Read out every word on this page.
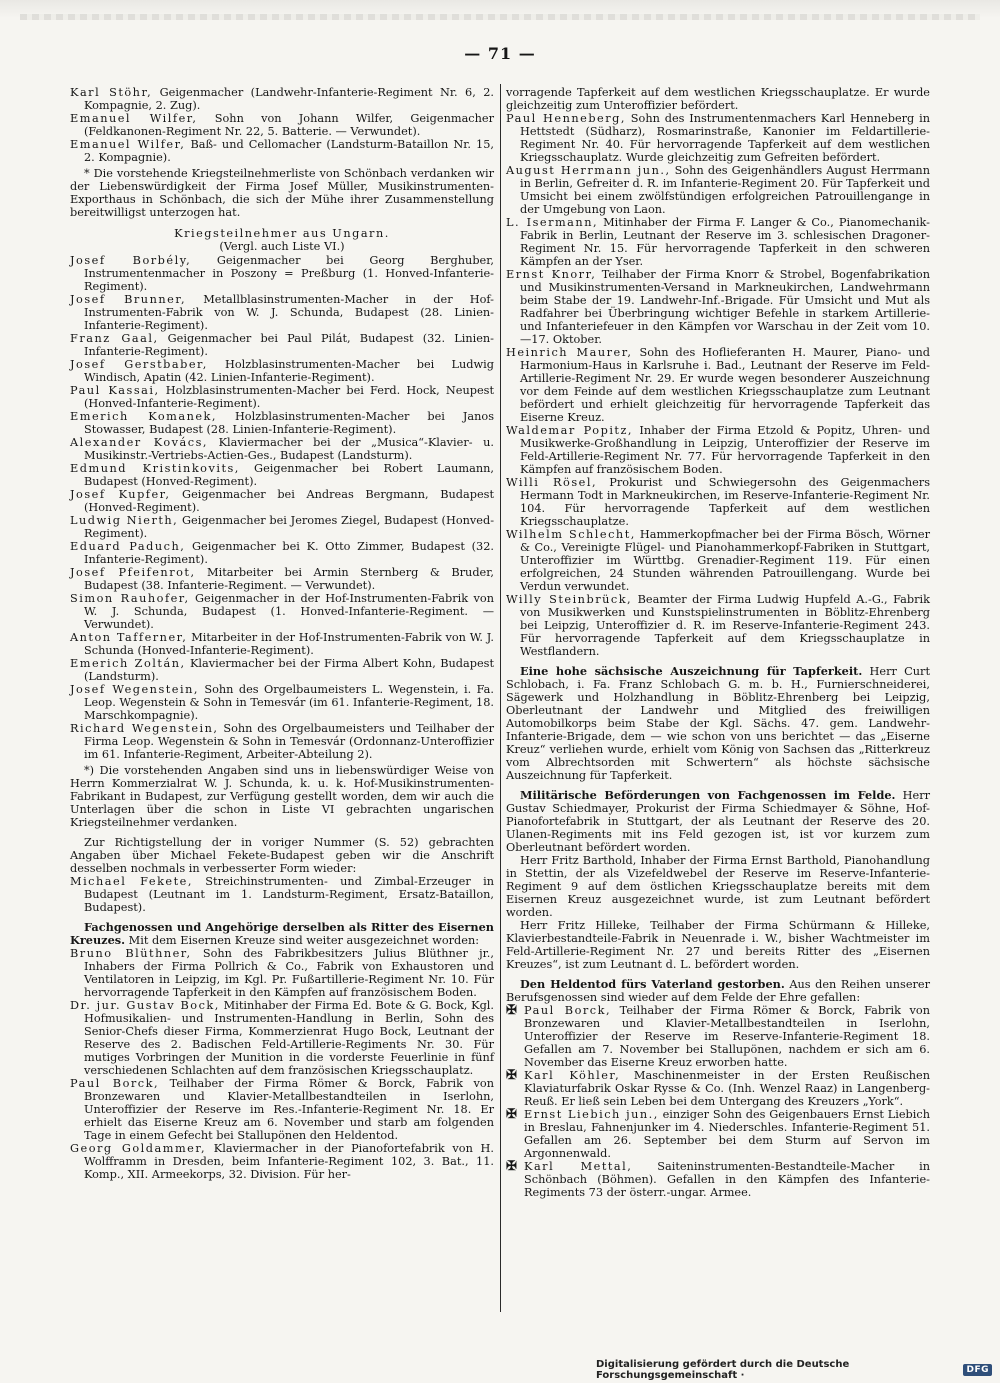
— 71 —

Karl Stöhr, Geigenmacher (Landwehr-Infanterie-Regiment Nr. 6, 2. Kompagnie, 2. Zug).

Emanuel Wilfer, Sohn von Johann Wilfer, Geigenmacher (Feldkanonen-Regiment Nr. 22, 5. Batterie. — Verwundet).

Emanuel Wilfer, Baß- und Cellomacher (Landsturm-Bataillon Nr. 15, 2. Kompagnie).

* Die vorstehende Kriegsteilnehmerliste von Schönbach verdanken wir der Liebenswürdigkeit der Firma Josef Müller, Musikinstrumenten-Exporthaus in Schönbach, die sich der Mühe ihrer Zusammenstellung bereitwilligst unterzogen hat.

Kriegsteilnehmer aus Ungarn.

(Vergl. auch Liste VI.)

Josef Borbély, Geigenmacher bei Georg Berghuber, Instrumentenmacher in Poszony = Preßburg (1. Honved-Infanterie-Regiment).

Josef Brunner, Metallblasinstrumenten-Macher in der Hof-Instrumenten-Fabrik von W. J. Schunda, Budapest (28. Linien-Infanterie-Regiment).

Franz Gaal, Geigenmacher bei Paul Pilát, Budapest (32. Linien-Infanterie-Regiment).

Josef Gerstbaber, Holzblasinstrumenten-Macher bei Ludwig Windisch, Apatin (42. Linien-Infanterie-Regiment).

Paul Kassai, Holzblasinstrumenten-Macher bei Ferd. Hock, Neupest (Honved-Infanterie-Regiment).

Emerich Komanek, Holzblasinstrumenten-Macher bei Janos Stowasser, Budapest (28. Linien-Infanterie-Regiment).

Alexander Kovács, Klaviermacher bei der „Musica“-Klavier- u. Musikinstr.-Vertriebs-Actien-Ges., Budapest (Landsturm).

Edmund Kristinkovits, Geigenmacher bei Robert Laumann, Budapest (Honved-Regiment).

Josef Kupfer, Geigenmacher bei Andreas Bergmann, Budapest (Honved-Regiment).

Ludwig Nierth, Geigenmacher bei Jeromes Ziegel, Budapest (Honved-Regiment).

Eduard Paduch, Geigenmacher bei K. Otto Zimmer, Budapest (32. Infanterie-Regiment).

Josef Pfeifenrot, Mitarbeiter bei Armin Sternberg & Bruder, Budapest (38. Infanterie-Regiment. — Verwundet).

Simon Rauhofer, Geigenmacher in der Hof-Instrumenten-Fabrik von W. J. Schunda, Budapest (1. Honved-Infanterie-Regiment. — Verwundet).

Anton Tafferner, Mitarbeiter in der Hof-Instrumenten-Fabrik von W. J. Schunda (Honved-Infanterie-Regiment).

Emerich Zoltán, Klaviermacher bei der Firma Albert Kohn, Budapest (Landsturm).

Josef Wegenstein, Sohn des Orgelbaumeisters L. Wegenstein, i. Fa. Leop. Wegenstein & Sohn in Temesvár (im 61. Infanterie-Regiment, 18. Marschkompagnie).

Richard Wegenstein, Sohn des Orgelbaumeisters und Teilhaber der Firma Leop. Wegenstein & Sohn in Temesvár (Ordonnanz-Unteroffizier im 61. Infanterie-Regiment, Arbeiter-Abteilung 2).

*) Die vorstehenden Angaben sind uns in liebenswürdiger Weise von Herrn Kommerzialrat W. J. Schunda, k. u. k. Hof-Musikinstrumenten-Fabrikant in Budapest, zur Verfügung gestellt worden, dem wir auch die Unterlagen über die schon in Liste VI gebrachten ungarischen Kriegsteilnehmer verdanken.

Zur Richtigstellung der in voriger Nummer (S. 52) gebrachten Angaben über Michael Fekete-Budapest geben wir die Anschrift desselben nochmals in verbesserter Form wieder:

Michael Fekete, Streichinstrumenten- und Zimbal-Erzeuger in Budapest (Leutnant im 1. Landsturm-Regiment, Ersatz-Bataillon, Budapest).

Fachgenossen und Angehörige derselben als Ritter des Eisernen Kreuzes. Mit dem Eisernen Kreuze sind weiter ausgezeichnet worden:

Bruno Blüthner, Sohn des Fabrikbesitzers Julius Blüthner jr., Inhabers der Firma Pollrich & Co., Fabrik von Exhaustoren und Ventilatoren in Leipzig, im Kgl. Pr. Fußartillerie-Regiment Nr. 10. Für hervorragende Tapferkeit in den Kämpfen auf französischem Boden.

Dr. jur. Gustav Bock, Mitinhaber der Firma Ed. Bote & G. Bock, Kgl. Hofmusikalien- und Instrumenten-Handlung in Berlin, Sohn des Senior-Chefs dieser Firma, Kommerzienrat Hugo Bock, Leutnant der Reserve des 2. Badischen Feld-Artillerie-Regiments Nr. 30. Für mutiges Vorbringen der Munition in die vorderste Feuerlinie in fünf verschiedenen Schlachten auf dem französischen Kriegsschauplatz.

Paul Borck, Teilhaber der Firma Römer & Borck, Fabrik von Bronzewaren und Klavier-Metallbestandteilen in Iserlohn, Unteroffizier der Reserve im Res.-Infanterie-Regiment Nr. 18. Er erhielt das Eiserne Kreuz am 6. November und starb am folgenden Tage in einem Gefecht bei Stallupönen den Heldentod.

Georg Goldammer, Klaviermacher in der Pianofortefabrik von H. Wolfframm in Dresden, beim Infanterie-Regiment 102, 3. Bat., 11. Komp., XII. Armeekorps, 32. Division. Für her-

vorragende Tapferkeit auf dem westlichen Kriegsschauplatze. Er wurde gleichzeitig zum Unteroffizier befördert.

Paul Henneberg, Sohn des Instrumentenmachers Karl Henneberg in Hettstedt (Südharz), Rosmarinstraße, Kanonier im Feldartillerie-Regiment Nr. 40. Für hervorragende Tapferkeit auf dem westlichen Kriegsschauplatz. Wurde gleichzeitig zum Gefreiten befördert.

August Herrmann jun., Sohn des Geigenhändlers August Herrmann in Berlin, Gefreiter d. R. im Infanterie-Regiment 20. Für Tapferkeit und Umsicht bei einem zwölfstündigen erfolgreichen Patrouillengange in der Umgebung von Laon.

L. Isermann, Mitinhaber der Firma F. Langer & Co., Pianomechanik-Fabrik in Berlin, Leutnant der Reserve im 3. schlesischen Dragoner-Regiment Nr. 15. Für hervorragende Tapferkeit in den schweren Kämpfen an der Yser.

Ernst Knorr, Teilhaber der Firma Knorr & Strobel, Bogenfabrikation und Musikinstrumenten-Versand in Markneukirchen, Landwehrmann beim Stabe der 19. Landwehr-Inf.-Brigade. Für Umsicht und Mut als Radfahrer bei Überbringung wichtiger Befehle in starkem Artillerie- und Infanteriefeuer in den Kämpfen vor Warschau in der Zeit vom 10.—17. Oktober.

Heinrich Maurer, Sohn des Hoflieferanten H. Maurer, Piano- und Harmonium-Haus in Karlsruhe i. Bad., Leutnant der Reserve im Feld-Artillerie-Regiment Nr. 29. Er wurde wegen besonderer Auszeichnung vor dem Feinde auf dem westlichen Kriegsschauplatze zum Leutnant befördert und erhielt gleichzeitig für hervorragende Tapferkeit das Eiserne Kreuz.

Waldemar Popitz, Inhaber der Firma Etzold & Popitz, Uhren- und Musikwerke-Großhandlung in Leipzig, Unteroffizier der Reserve im Feld-Artillerie-Regiment Nr. 77. Für hervorragende Tapferkeit in den Kämpfen auf französischem Boden.

Willi Rösel, Prokurist und Schwiegersohn des Geigenmachers Hermann Todt in Markneukirchen, im Reserve-Infanterie-Regiment Nr. 104. Für hervorragende Tapferkeit auf dem westlichen Kriegsschauplatze.

Wilhelm Schlecht, Hammerkopfmacher bei der Firma Bösch, Wörner & Co., Vereinigte Flügel- und Pianohammerkopf-Fabriken in Stuttgart, Unteroffizier im Württbg. Grenadier-Regiment 119. Für einen erfolgreichen, 24 Stunden währenden Patrouillengang. Wurde bei Verdun verwundet.

Willy Steinbrück, Beamter der Firma Ludwig Hupfeld A.-G., Fabrik von Musikwerken und Kunstspielinstrumenten in Böblitz-Ehrenberg bei Leipzig, Unteroffizier d. R. im Reserve-Infanterie-Regiment 243. Für hervorragende Tapferkeit auf dem Kriegsschauplatze in Westflandern.

Eine hohe sächsische Auszeichnung für Tapferkeit. Herr Curt Schlobach, i. Fa. Franz Schlobach G. m. b. H., Furnierschneiderei, Sägewerk und Holzhandlung in Böblitz-Ehrenberg bei Leipzig, Oberleutnant der Landwehr und Mitglied des freiwilligen Automobilkorps beim Stabe der Kgl. Sächs. 47. gem. Landwehr-Infanterie-Brigade, dem — wie schon von uns berichtet — das „Eiserne Kreuz“ verliehen wurde, erhielt vom König von Sachsen das „Ritterkreuz vom Albrechtsorden mit Schwertern“ als höchste sächsische Auszeichnung für Tapferkeit.

Militärische Beförderungen von Fachgenossen im Felde. Herr Gustav Schiedmayer, Prokurist der Firma Schiedmayer & Söhne, Hof-Pianofortefabrik in Stuttgart, der als Leutnant der Reserve des 20. Ulanen-Regiments mit ins Feld gezogen ist, ist vor kurzem zum Oberleutnant befördert worden.

Herr Fritz Barthold, Inhaber der Firma Ernst Barthold, Pianohandlung in Stettin, der als Vizefeldwebel der Reserve im Reserve-Infanterie-Regiment 9 auf dem östlichen Kriegsschauplatze bereits mit dem Eisernen Kreuz ausgezeichnet wurde, ist zum Leutnant befördert worden.

Herr Fritz Hilleke, Teilhaber der Firma Schürmann & Hilleke, Klavierbestandteile-Fabrik in Neuenrade i. W., bisher Wachtmeister im Feld-Artillerie-Regiment Nr. 27 und bereits Ritter des „Eisernen Kreuzes“, ist zum Leutnant d. L. befördert worden.

Den Heldentod fürs Vaterland gestorben. Aus den Reihen unserer Berufsgenossen sind wieder auf dem Felde der Ehre gefallen:

✠ Paul Borck, Teilhaber der Firma Römer & Borck, Fabrik von Bronzewaren und Klavier-Metallbestandteilen in Iserlohn, Unteroffizier der Reserve im Reserve-Infanterie-Regiment 18. Gefallen am 7. November bei Stallupönen, nachdem er sich am 6. November das Eiserne Kreuz erworben hatte.

✠ Karl Köhler, Maschinenmeister in der Ersten Reußischen Klaviaturfabrik Oskar Rysse & Co. (Inh. Wenzel Raaz) in Langenberg-Reuß. Er ließ sein Leben bei dem Untergang des Kreuzers „York“.

✠ Ernst Liebich jun., einziger Sohn des Geigenbauers Ernst Liebich in Breslau, Fahnenjunker im 4. Niederschles. Infanterie-Regiment 51. Gefallen am 26. September bei dem Sturm auf Servon im Argonnenwald.

✠ Karl Mettal, Saiteninstrumenten-Bestandteile-Macher in Schönbach (Böhmen). Gefallen in den Kämpfen des Infanterie-Regiments 73 der österr.-ungar. Armee.

Digitalisierung gefördert durch die Deutsche Forschungsgemeinschaft ·	DFG
